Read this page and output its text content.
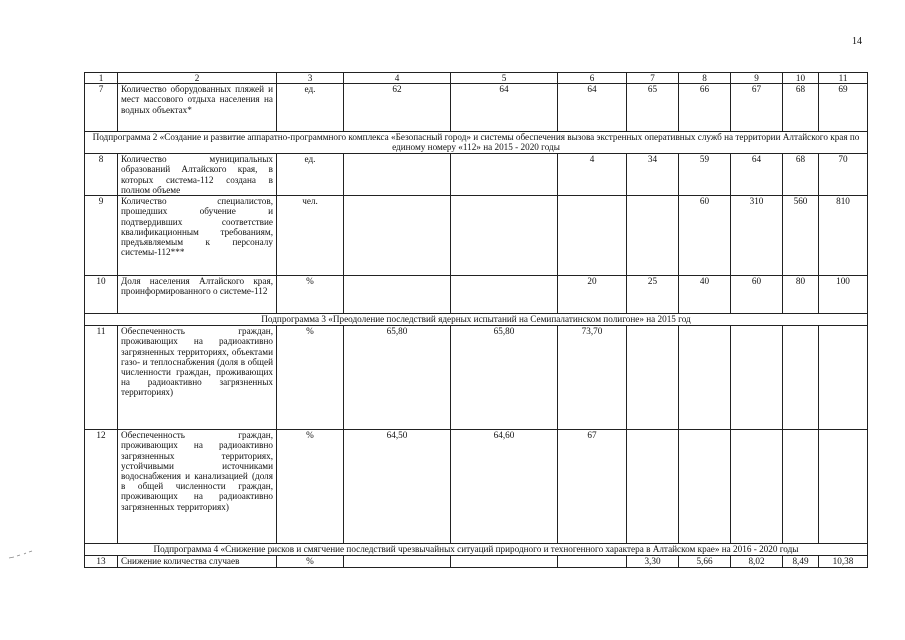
14
1	2	3	4	5	6	7	8	9	10	11
7	Количество оборудованных пляжей и мест массового отдыха населения на водных объектах*	ед.	62	64	64	65	66	67	68	69
Подпрограмма 2 «Создание и развитие аппаратно-программного комплекса «Безопасный город» и системы обеспечения вызова экстренных оперативных служб на территории Алтайского края по единому номеру «112» на 2015 - 2020 годы										
8	Количество муниципальных образований Алтайского края, в которых система-112 создана в полном объеме	ед.			4	34	59	64	68	70
9	Количество специалистов, прошедших обучение и подтвердивших соответствие квалификационным требованиям, предъявляемым к персоналу системы-112***	чел.					60	310	560	810
10	Доля населения Алтайского края, проинформированного о системе-112	%			20	25	40	60	80	100
Подпрограмма 3 «Преодоление последствий ядерных испытаний на Семипалатинском полигоне» на 2015 год										
11	Обеспеченность граждан, проживающих на радиоактивно загрязненных территориях, объектами газо- и теплоснабжения (доля в общей численности граждан, проживающих на радиоактивно загрязненных территориях)	%	65,80	65,80	73,70					
12	Обеспеченность граждан, проживающих на радиоактивно загрязненных территориях, устойчивыми источниками водоснабжения и канализацией (доля в общей численности граждан, проживающих на радиоактивно загрязненных территориях)	%	64,50	64,60	67					
Подпрограмма 4 «Снижение рисков и смягчение последствий чрезвычайных ситуаций природного и техногенного характера в Алтайском крае» на 2016 - 2020 годы										
13	Снижение количества случаев	%				3,30	5,66	8,02	8,49	10,38
